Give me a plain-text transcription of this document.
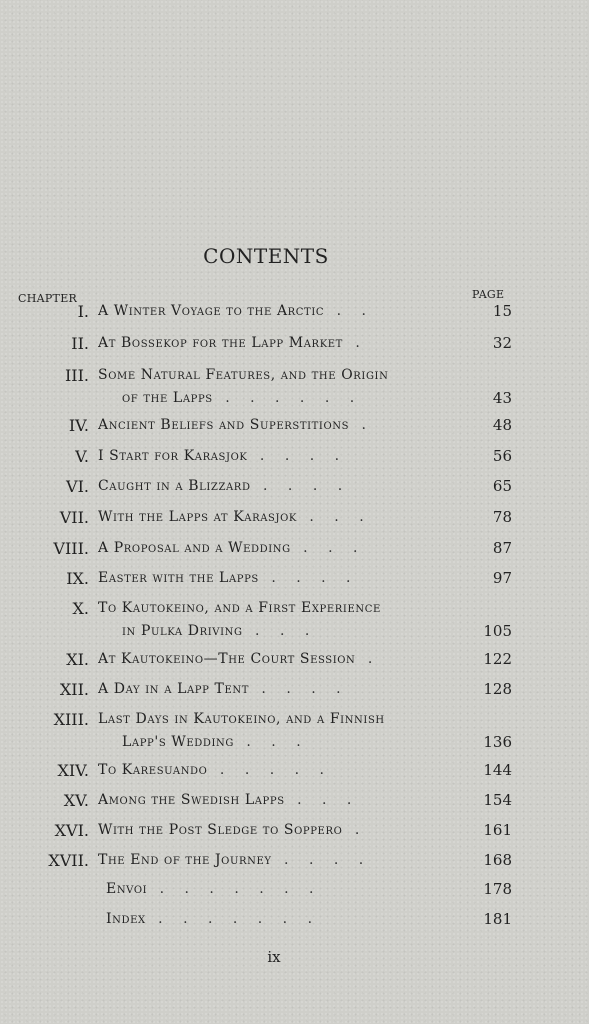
CONTENTS
CHAPTER	PAGE
I. A Winter Voyage to the Arctic . .	15
II. At Bossekop for the Lapp Market .	32
III. Some Natural Features, and the Origin
of the Lapps . . . . . .	43
IV. Ancient Beliefs and Superstitions .	48
V. I Start for Karasjok . . . .	56
VI. Caught in a Blizzard . . . .	65
VII. With the Lapps at Karasjok . . .	78
VIII. A Proposal and a Wedding . . .	87
IX. Easter with the Lapps . . . .	97
X. To Kautokeino, and a First Experience
in Pulka Driving . . .	105
XI. At Kautokeino—The Court Session .	122
XII. A Day in a Lapp Tent . . . .	128
XIII. Last Days in Kautokeino, and a Finnish
Lapp's Wedding . . .	136
XIV. To Karesuando . . . . .	144
XV. Among the Swedish Lapps . . .	154
XVI. With the Post Sledge to Soppero .	161
XVII. The End of the Journey . . . .	168
Envoi . . . . . . .	178
Index . . . . . . .	181
ix
